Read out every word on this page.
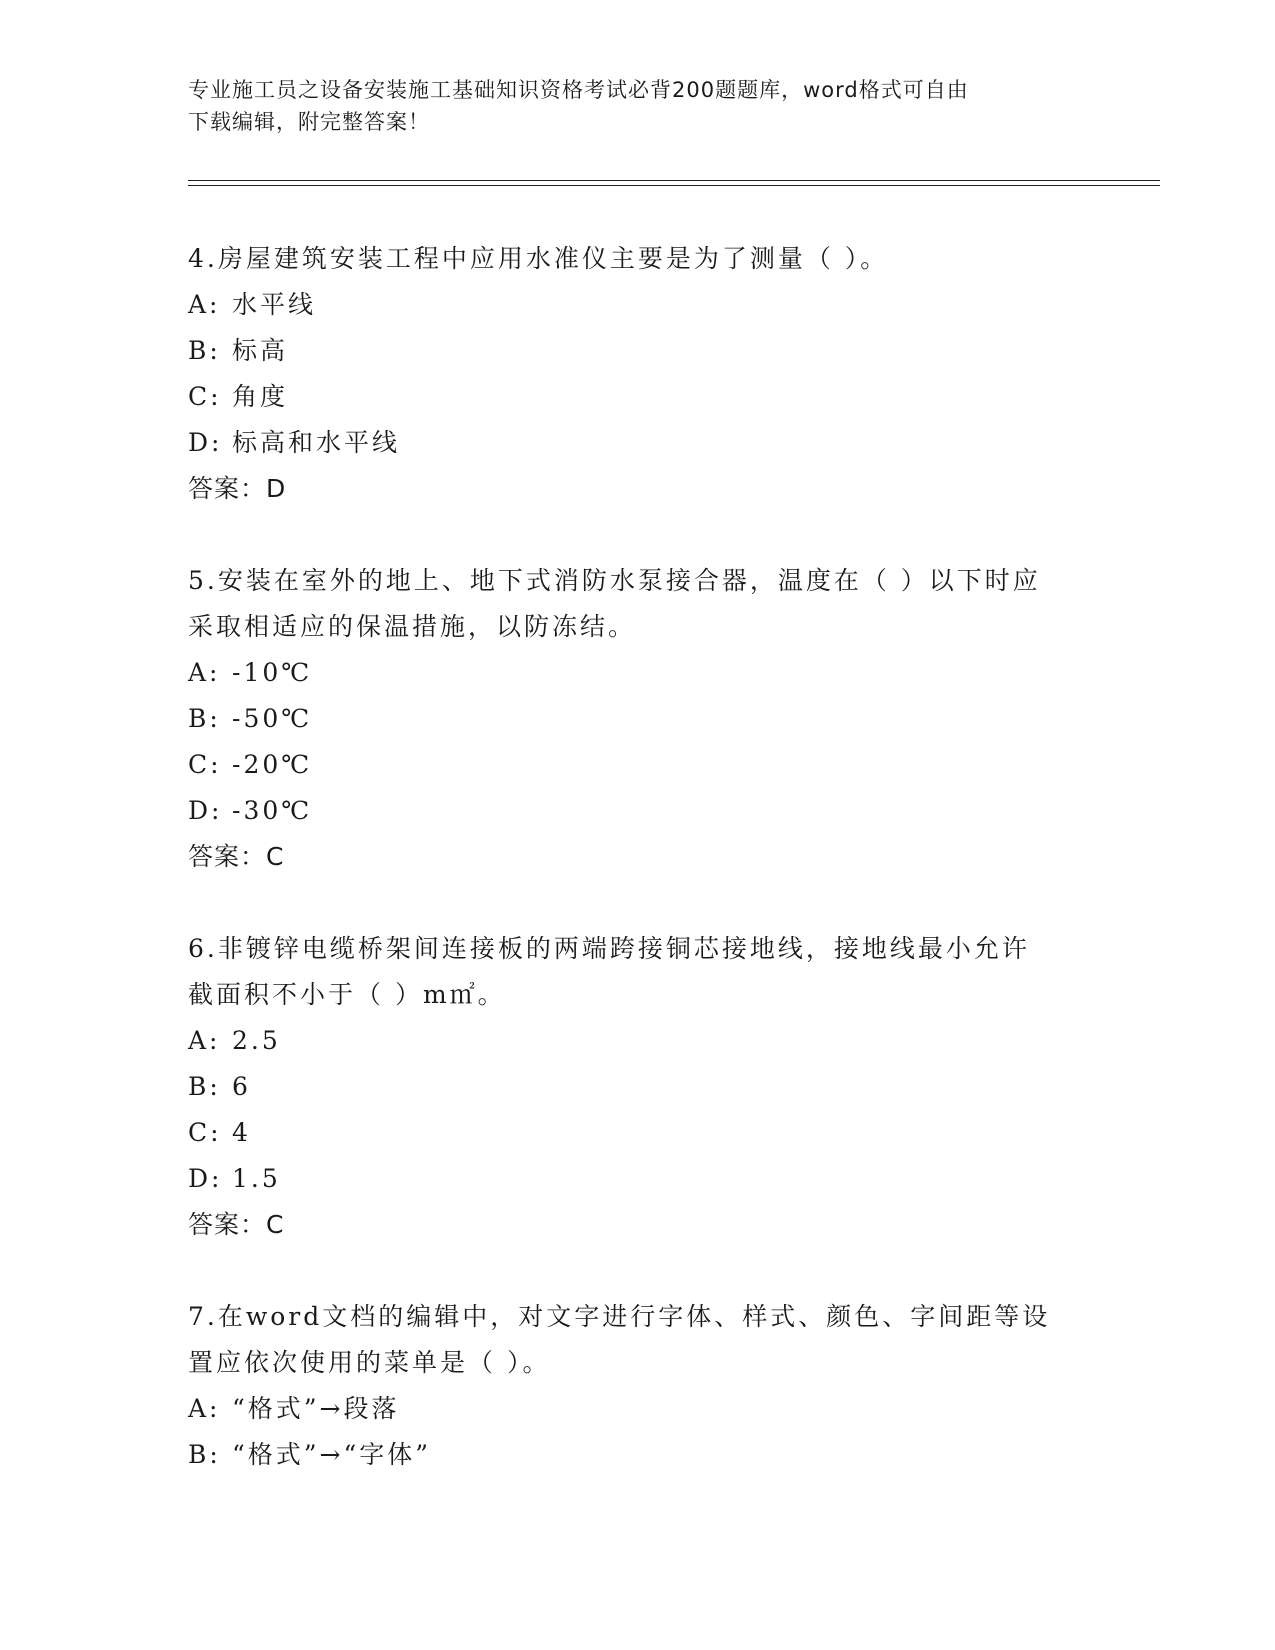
专业施工员之设备安装施工基础知识资格考试必背200题题库，word格式可自由
下载编辑，附完整答案！
4.房屋建筑安装工程中应用水准仪主要是为了测量（ ）。
A: 水平线
B: 标高
C: 角度
D: 标高和水平线
答案：D
5.安装在室外的地上、地下式消防水泵接合器，温度在（ ）以下时应
采取相适应的保温措施，以防冻结。
A: -10℃
B: -50℃
C: -20℃
D: -30℃
答案：C
6.非镀锌电缆桥架间连接板的两端跨接铜芯接地线，接地线最小允许
截面积不小于（ ）m㎡。
A: 2.5
B: 6
C: 4
D: 1.5
答案：C
7.在word文档的编辑中，对文字进行字体、样式、颜色、字间距等设
置应依次使用的菜单是（ ）。
A: “格式”→段落
B: “格式”→“字体”
